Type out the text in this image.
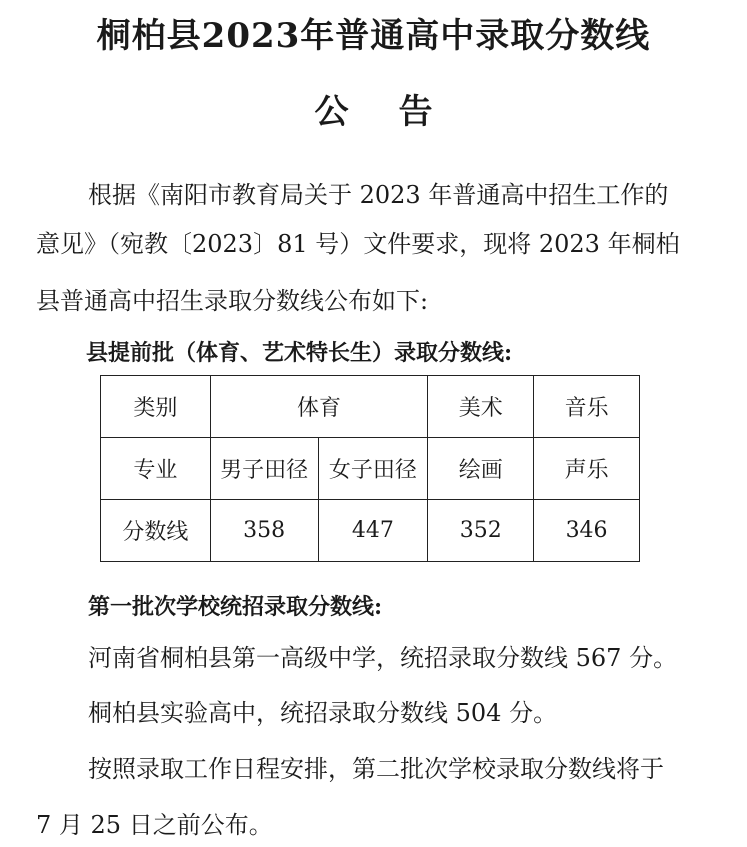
桐柏县2023年普通高中录取分数线
公告
根据《南阳市教育局关于 2023 年普通高中招生工作的
意见》（宛教〔2023〕81 号）文件要求，现将 2023 年桐柏
县普通高中招生录取分数线公布如下:
县提前批（体育、艺术特长生）录取分数线:
类别	体育		美术	音乐
专业	男子田径	女子田径	绘画	声乐
分数线	358	447	352	346
第一批次学校统招录取分数线:
河南省桐柏县第一高级中学，统招录取分数线 567 分。
桐柏县实验高中，统招录取分数线 504 分。
按照录取工作日程安排，第二批次学校录取分数线将于
7 月 25 日之前公布。
